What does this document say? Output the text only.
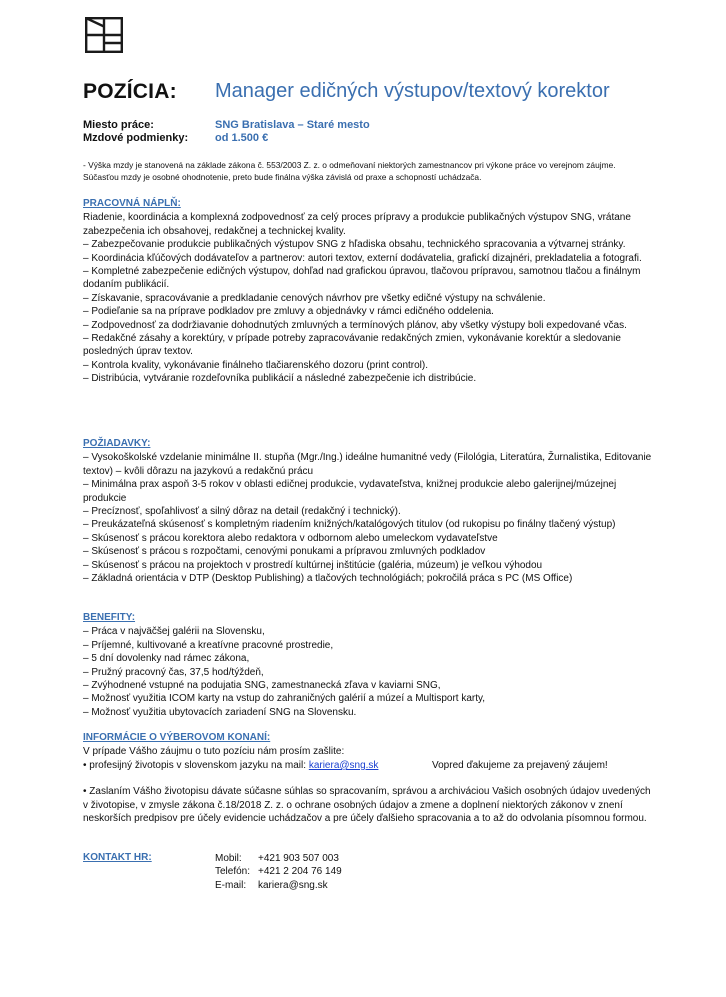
POZÍCIA: Manager edičných výstupov/textový korektor
Miesto práce:	SNG Bratislava – Staré mesto
Mzdové podmienky: od 1.500 €
- Výška mzdy je stanovená na základe zákona č. 553/2003 Z. z. o odmeňovaní niektorých zamestnancov pri výkone práce vo verejnom záujme. Súčasťou mzdy je osobné ohodnotenie, preto bude finálna výška závislá od praxe a schopností uchádzača.
PRACOVNÁ NÁPLŇ:
Riadenie, koordinácia a komplexná zodpovednosť za celý proces prípravy a produkcie publikačných výstupov SNG, vrátane zabezpečenia ich obsahovej, redakčnej a technickej kvality.
– Zabezpečovanie produkcie publikačných výstupov SNG z hľadiska obsahu, technického spracovania a výtvarnej stránky.
– Koordinácia kľúčových dodávateľov a partnerov: autori textov, externí dodávatelia, grafickí dizajnéri, prekladatelia a fotografi.
– Kompletné zabezpečenie edičných výstupov, dohľad nad grafickou úpravou, tlačovou prípravou, samotnou tlačou a finálnym dodaním publikácií.
– Získavanie, spracovávanie a predkladanie cenových návrhov pre všetky edičné výstupy na schválenie.
– Podieľanie sa na príprave podkladov pre zmluvy a objednávky v rámci edičného oddelenia.
– Zodpovednosť za dodržiavanie dohodnutých zmluvných a termínových plánov, aby všetky výstupy boli expedované včas.
– Redakčné zásahy a korektúry, v prípade potreby zapracovávanie redakčných zmien, vykonávanie korektúr a sledovanie posledných úprav textov.
– Kontrola kvality, vykonávanie finálneho tlačiarenského dozoru (print control).
– Distribúcia, vytváranie rozdeľovníka publikácií a následné zabezpečenie ich distribúcie.
POŽIADAVKY:
– Vysokoškolské vzdelanie minimálne II. stupňa (Mgr./Ing.) ideálne humanitné vedy (Filológia, Literatúra, Žurnalistika, Editovanie textov) – kvôli dôrazu na jazykovú a redakčnú prácu
– Minimálna prax aspoň 3-5 rokov v oblasti edičnej produkcie, vydavateľstva, knižnej produkcie alebo galerijnej/múzejnej produkcie
– Precíznosť, spoľahlivosť a silný dôraz na detail (redakčný i technický).
– Preukázateľná skúsenosť s kompletným riadením knižných/katalógových titulov (od rukopisu po finálny tlačený výstup)
– Skúsenosť s prácou korektora alebo redaktora v odbornom alebo umeleckom vydavateľstve
– Skúsenosť s prácou s rozpočtami, cenovými ponukami a prípravou zmluvných podkladov
– Skúsenosť s prácou na projektoch v prostredí kultúrnej inštitúcie (galéria, múzeum) je veľkou výhodou
– Základná orientácia v DTP (Desktop Publishing) a tlačových technológiách; pokročilá práca s PC (MS Office)
BENEFITY:
– Práca v najväčšej galérii na Slovensku,
– Príjemné, kultivované a kreatívne pracovné prostredie,
– 5 dní dovolenky nad rámec zákona,
– Pružný pracovný čas, 37,5 hod/týždeň,
– Zvýhodnené vstupné na podujatia SNG, zamestnanecká zľava v kaviarni SNG,
– Možnosť využitia ICOM karty na vstup do zahraničných galérií a múzeí a Multisport karty,
– Možnosť využitia ubytovacích zariadení SNG na Slovensku.
INFORMÁCIE O VÝBEROVOM KONANÍ:
V prípade Vášho záujmu o tuto pozíciu nám prosím zašlite:
• profesijný životopis v slovenskom jazyku na mail: kariera@sng.sk	Vopred ďakujeme za prejavený záujem!
• Zaslaním Vášho životopisu dávate súčasne súhlas so spracovaním, správou a archiváciou Vašich osobných údajov uvedených v životopise, v zmysle zákona č.18/2018 Z. z. o ochrane osobných údajov a zmene a doplnení niektorých zákonov v znení neskorších predpisov pre účely evidencie uchádzačov a pre účely ďalšieho spracovania a to až do odvolania písomnou formou.
KONTAKT HR:	Mobil: +421 903 507 003
Telefón: +421 2 204 76 149
E-mail: kariera@sng.sk
